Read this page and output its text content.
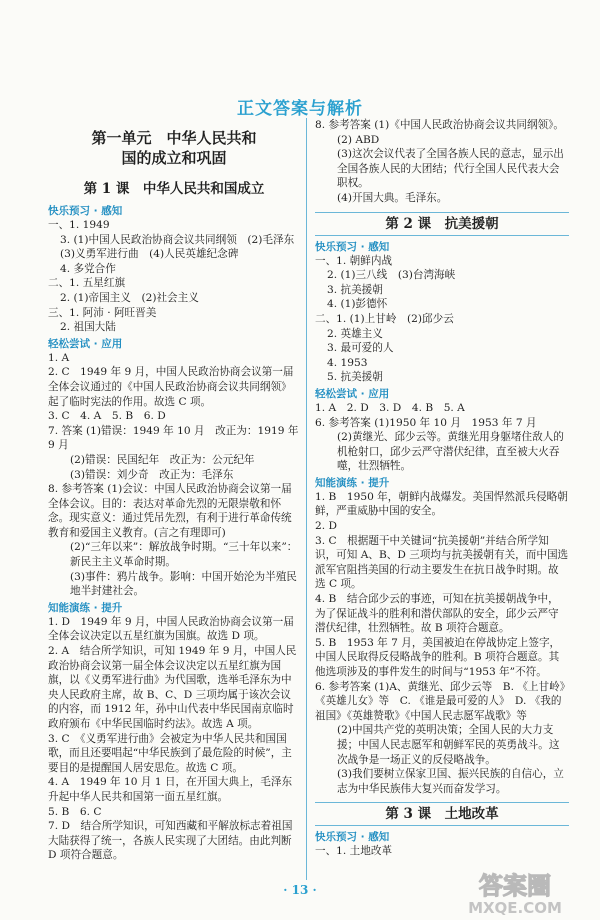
正文答案与解析
第一单元　中华人民共和
国的成立和巩固
第 1 课　中华人民共和国成立
快乐预习 · 感知
一、1. 1949
3. (1)中国人民政治协商会议共同纲领　(2)毛泽东　(3)义勇军进行曲　(4)人民英雄纪念碑
4. 多党合作
二、1. 五星红旗
2. (1)帝国主义　(2)社会主义
三、1. 阿沛 · 阿旺晋美
2. 祖国大陆
轻松尝试 · 应用
1. A
2. C　1949 年 9 月，中国人民政治协商会议第一届全体会议通过的《中国人民政治协商会议共同纲领》起了临时宪法的作用。故选 C 项。
3. C　4. A　5. B　6. D
7. 答案 (1)错误：1949 年 10 月　改正为：1919 年 9 月
(2)错误：民国纪年　改正为：公元纪年
(3)错误：刘少奇　改正为：毛泽东
8. 参考答案 (1)会议：中国人民政治协商会议第一届全体会议。目的：表达对革命先烈的无限崇敬和怀念。现实意义：通过凭吊先烈，有利于进行革命传统教育和爱国主义教育。(言之有理即可)
(2)“三年以来”：解放战争时期。“三十年以来”：新民主主义革命时期。
(3)事件：鸦片战争。影响：中国开始沦为半殖民地半封建社会。
知能演练 · 提升
1. D　1949 年 9 月，中国人民政治协商会议第一届全体会议决定以五星红旗为国旗。故选 D 项。
2. A　结合所学知识，可知 1949 年 9 月，中国人民政治协商会议第一届全体会议决定以五星红旗为国旗，以《义勇军进行曲》为代国歌，选举毛泽东为中央人民政府主席，故 B、C、D 三项均属于该次会议的内容，而 1912 年，孙中山代表中华民国南京临时政府颁布《中华民国临时约法》。故选 A 项。
3. C　《义勇军进行曲》会被定为中华人民共和国国歌，而且还要唱起“中华民族到了最危险的时候”，主要目的是提醒国人居安思危。故选 C 项。
4. A　1949 年 10 月 1 日，在开国大典上，毛泽东升起中华人民共和国第一面五星红旗。
5. B　6. C
7. D　结合所学知识，可知西藏和平解放标志着祖国大陆获得了统一，各族人民实现了大团结。由此判断 D 项符合题意。
8. 参考答案 (1)《中国人民政治协商会议共同纲领》。
(2) ABD
(3)这次会议代表了全国各族人民的意志，显示出全国各族人民的大团结；代行全国人民代表大会职权。
(4)开国大典。毛泽东。
第 2 课　抗美援朝
快乐预习 · 感知
一、1. 朝鲜内战
2. (1)三八线　(3)台湾海峡
3. 抗美援朝
4. (1)彭德怀
二、1. (1)上甘岭　(2)邱少云
2. 英雄主义
3. 最可爱的人
4. 1953
5. 抗美援朝
轻松尝试 · 应用
1. A　2. D　3. D　4. B　5. A
6. 参考答案 (1)1950 年 10 月　1953 年 7 月
(2)黄继光、邱少云等。黄继光用身躯堵住敌人的机枪射口，邱少云严守潜伏纪律，直至被大火吞噬，壮烈牺牲。
知能演练 · 提升
1. B　1950 年，朝鲜内战爆发。美国悍然派兵侵略朝鲜，严重威胁中国的安全。
2. D
3. C　根据题干中关键词“抗美援朝”并结合所学知识，可知 A、B、D 三项均与抗美援朝有关，而中国选派军官阻挡美国的行动主要发生在抗日战争时期。故选 C 项。
4. B　结合邱少云的事迹，可知在抗美援朝战争中，为了保证战斗的胜利和潜伏部队的安全，邱少云严守潜伏纪律，壮烈牺牲。故 B 项符合题意。
5. B　1953 年 7 月，美国被迫在停战协定上签字，中国人民取得反侵略战争的胜利。B 项符合题意。其他选项涉及的事件发生的时间与“1953 年”不符。
6. 参考答案 (1)A、黄继光、邱少云等　B. 《上甘岭》《英雄儿女》等　C. 《谁是最可爱的人》　D. 《我的祖国》《英雄赞歌》《中国人民志愿军战歌》等
(2)中国共产党的英明决策；全国人民的大力支援；中国人民志愿军和朝鲜军民的英勇战斗。这次战争是一场正义的反侵略战争。
(3)我们要树立保家卫国、振兴民族的自信心，立志为中华民族伟大复兴而奋发学习。
第 3 课　土地改革
快乐预习 · 感知
一、1. 土地改革
· 13 ·	答案圈
MXQE.COM
